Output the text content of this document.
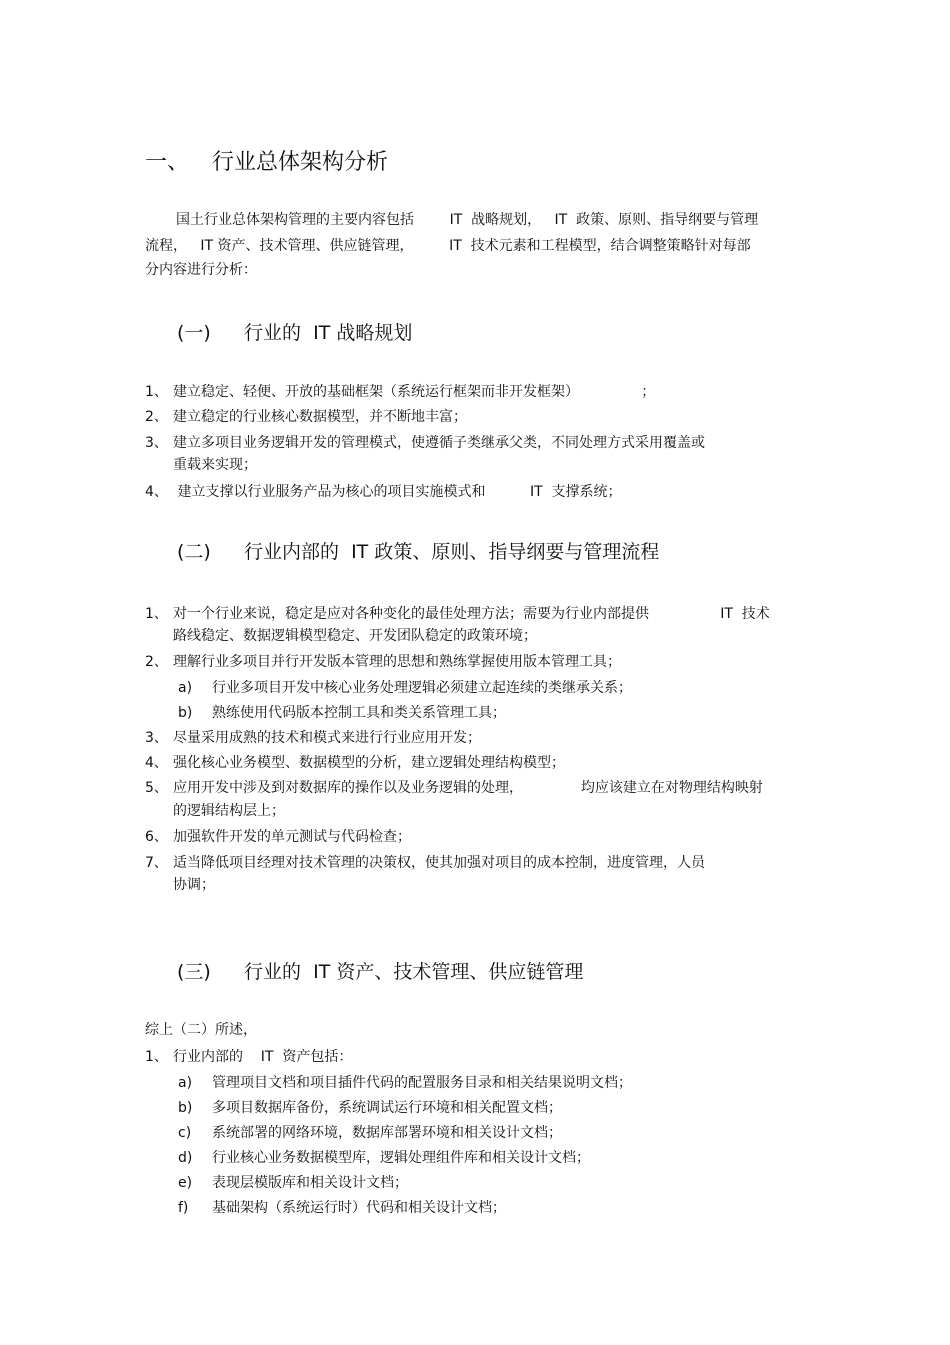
一、 行业总体架构分析
国土行业总体架构管理的主要内容包括        IT  战略规划，   IT  政策、原则、指导纲要与管理
流程，   IT 资产、技术管理、供应链管理，        IT  技术元素和工程模型，结合调整策略针对每部
分内容进行分析：
(一) 行业的  IT 战略规划
1、 建立稳定、轻便、开放的基础框架（系统运行框架而非开发框架）              ；
2、 建立稳定的行业核心数据模型，并不断地丰富；
3、 建立多项目业务逻辑开发的管理模式，使遵循子类继承父类，不同处理方式采用覆盖或
重载来实现；
4、 建立支撑以行业服务产品为核心的项目实施模式和          IT  支撑系统；
(二) 行业内部的  IT 政策、原则、指导纲要与管理流程
1、 对一个行业来说，稳定是应对各种变化的最佳处理方法；需要为行业内部提供                IT  技术
路线稳定、数据逻辑模型稳定、开发团队稳定的政策环境；
2、 理解行业多项目并行开发版本管理的思想和熟练掌握使用版本管理工具；
a) 行业多项目开发中核心业务处理逻辑必须建立起连续的类继承关系；
b) 熟练使用代码版本控制工具和类关系管理工具；
3、 尽量采用成熟的技术和模式来进行行业应用开发；
4、 强化核心业务模型、数据模型的分析，建立逻辑处理结构模型；
5、 应用开发中涉及到对数据库的操作以及业务逻辑的处理，             均应该建立在对物理结构映射
的逻辑结构层上；
6、 加强软件开发的单元测试与代码检查；
7、 适当降低项目经理对技术管理的决策权，使其加强对项目的成本控制，进度管理，人员
协调；
(三) 行业的  IT 资产、技术管理、供应链管理
综上（二）所述，
1、 行业内部的    IT  资产包括：
a) 管理项目文档和项目插件代码的配置服务目录和相关结果说明文档；
b) 多项目数据库备份，系统调试运行环境和相关配置文档；
c) 系统部署的网络环境，数据库部署环境和相关设计文档；
d) 行业核心业务数据模型库，逻辑处理组件库和相关设计文档；
e) 表现层模版库和相关设计文档；
f) 基础架构（系统运行时）代码和相关设计文档；
